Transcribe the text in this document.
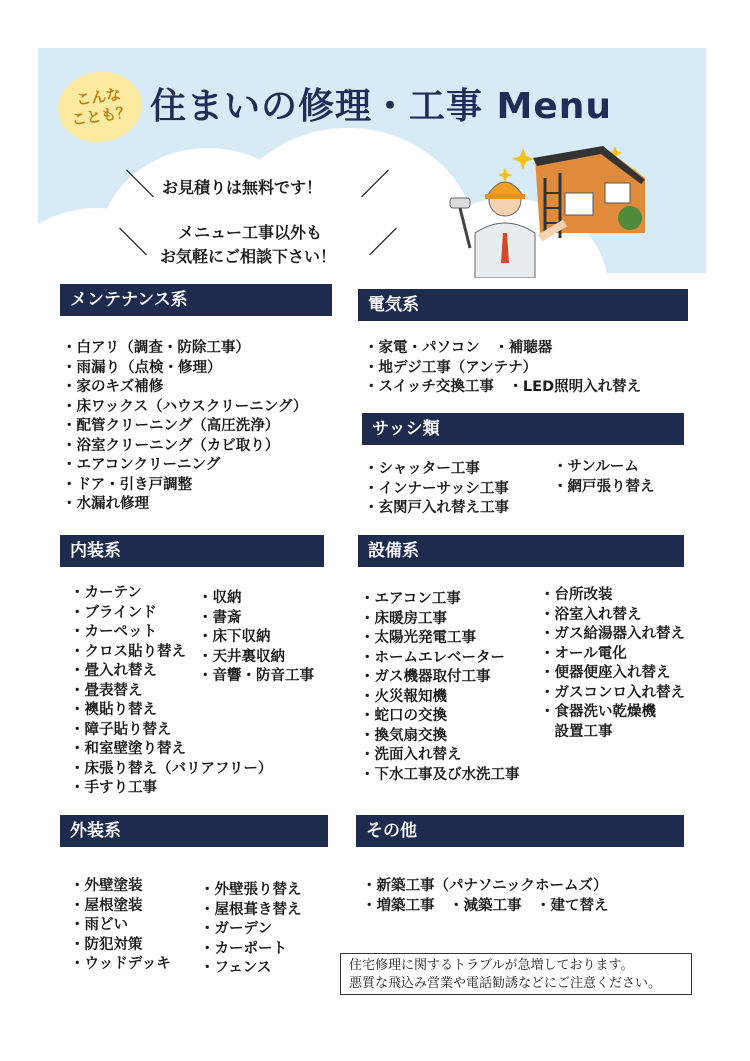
こんな
ことも？ 住まいの修理・工事 Menu
＼ お見積りは無料です！ ／
＼ メニュー工事以外も
お気軽にご相談下さい！ ／
メンテナンス系
・白アリ（調査・防除工事）
・雨漏り（点検・修理）
・家のキズ補修
・床ワックス（ハウスクリーニング）
・配管クリーニング（高圧洗浄）
・浴室クリーニング（カビ取り）
・エアコンクリーニング
・ドア・引き戸調整
・水漏れ修理
電気系
・家電・パソコン　・補聴器
・地デジ工事（アンテナ）
・スイッチ交換工事　・LED照明入れ替え
サッシ類
・シャッター工事
・インナーサッシ工事
・玄関戸入れ替え工事
・サンルーム
・網戸張り替え
内装系
・カーテン
・ブラインド
・カーペット
・クロス貼り替え
・畳入れ替え
・畳表替え
・襖貼り替え
・障子貼り替え
・和室壁塗り替え
・床張り替え（バリアフリー）
・手すり工事
・収納
・書斎
・床下収納
・天井裏収納
・音響・防音工事
設備系
・エアコン工事
・床暖房工事
・太陽光発電工事
・ホームエレベーター
・ガス機器取付工事
・火災報知機
・蛇口の交換
・換気扇交換
・洗面入れ替え
・下水工事及び水洗工事
・台所改装
・浴室入れ替え
・ガス給湯器入れ替え
・オール電化
・便器便座入れ替え
・ガスコンロ入れ替え
・食器洗い乾燥機
　設置工事
外装系
・外壁塗装
・屋根塗装
・雨どい
・防犯対策
・ウッドデッキ
・外壁張り替え
・屋根葺き替え
・ガーデン
・カーポート
・フェンス
その他
・新築工事（パナソニックホームズ）
・増築工事　・減築工事　・建て替え
住宅修理に関するトラブルが急増しております。
悪質な飛込み営業や電話勧誘などにご注意ください。
